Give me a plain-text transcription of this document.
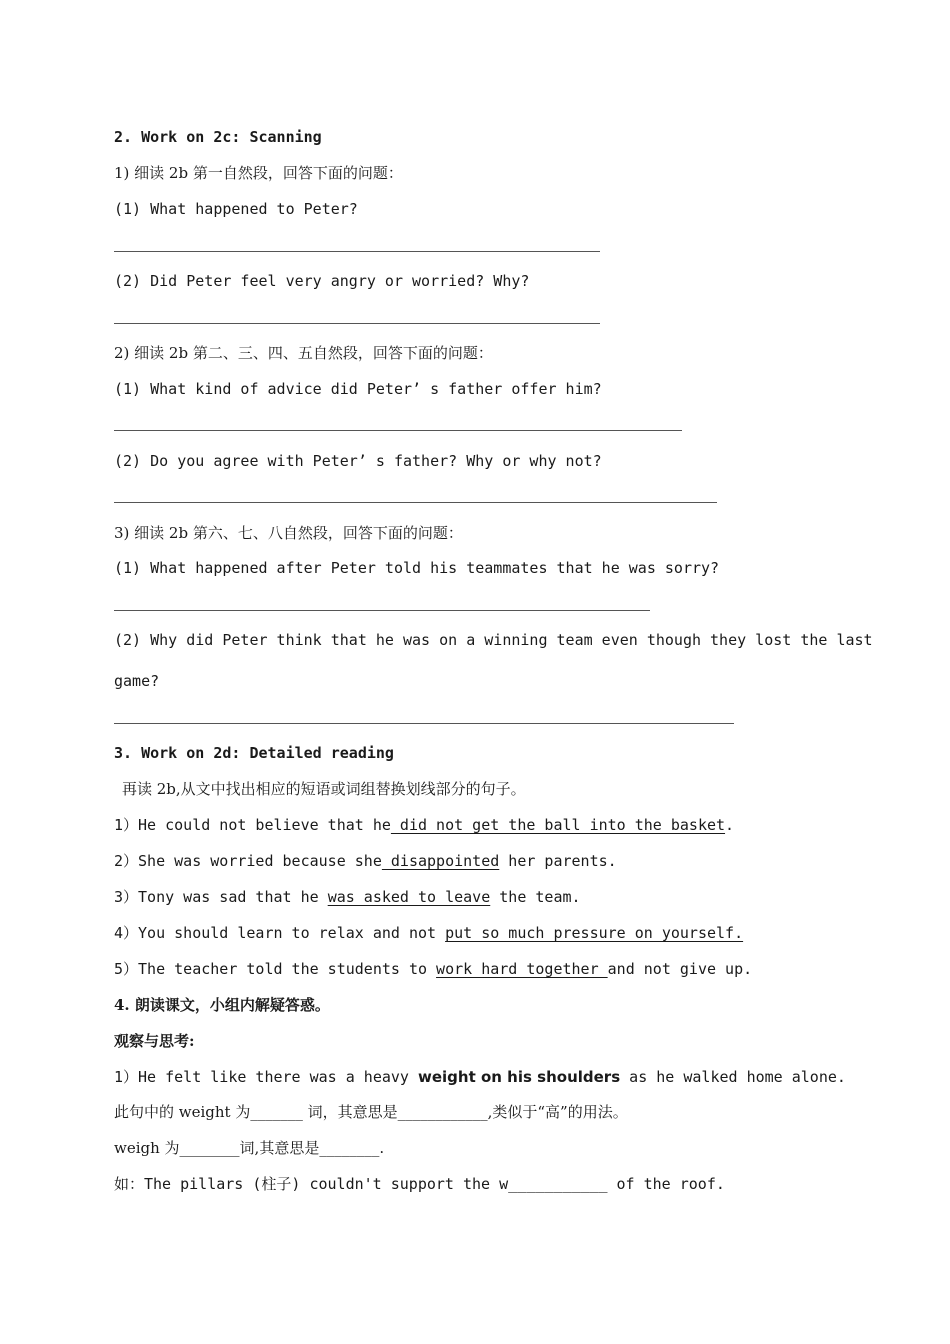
2. Work on 2c: Scanning
1) 细读 2b 第一自然段，回答下面的问题：
(1) What happened to Peter?
(2) Did Peter feel very angry or worried? Why?
2) 细读 2b 第二、三、四、五自然段，回答下面的问题：
(1) What kind of advice did Peter’ s father offer him?
(2) Do you agree with Peter’ s father? Why or why not?
3) 细读 2b 第六、七、八自然段，回答下面的问题：
(1) What happened after Peter told his teammates that he was sorry?
(2) Why did Peter think that he was on a winning team even though they lost the last
game?
3. Work on 2d: Detailed reading
再读 2b,从文中找出相应的短语或词组替换划线部分的句子。
1）He could not believe that he did not get the ball into the basket.
2）She was worried because she disappointed her parents.
3）Tony was sad that he was asked to leave the team.
4）You should learn to relax and not put so much pressure on yourself.
5）The teacher told the students to work hard together and not give up.
4. 朗读课文，小组内解疑答惑。
观察与思考:
1）He felt like there was a heavy weight on his shoulders as he walked home alone.
此句中的 weight 为_______ 词，其意思是____________,类似于“高”的用法。
weigh 为________词,其意思是________.
如：The pillars (柱子) couldn't support the w___________ of the roof.
